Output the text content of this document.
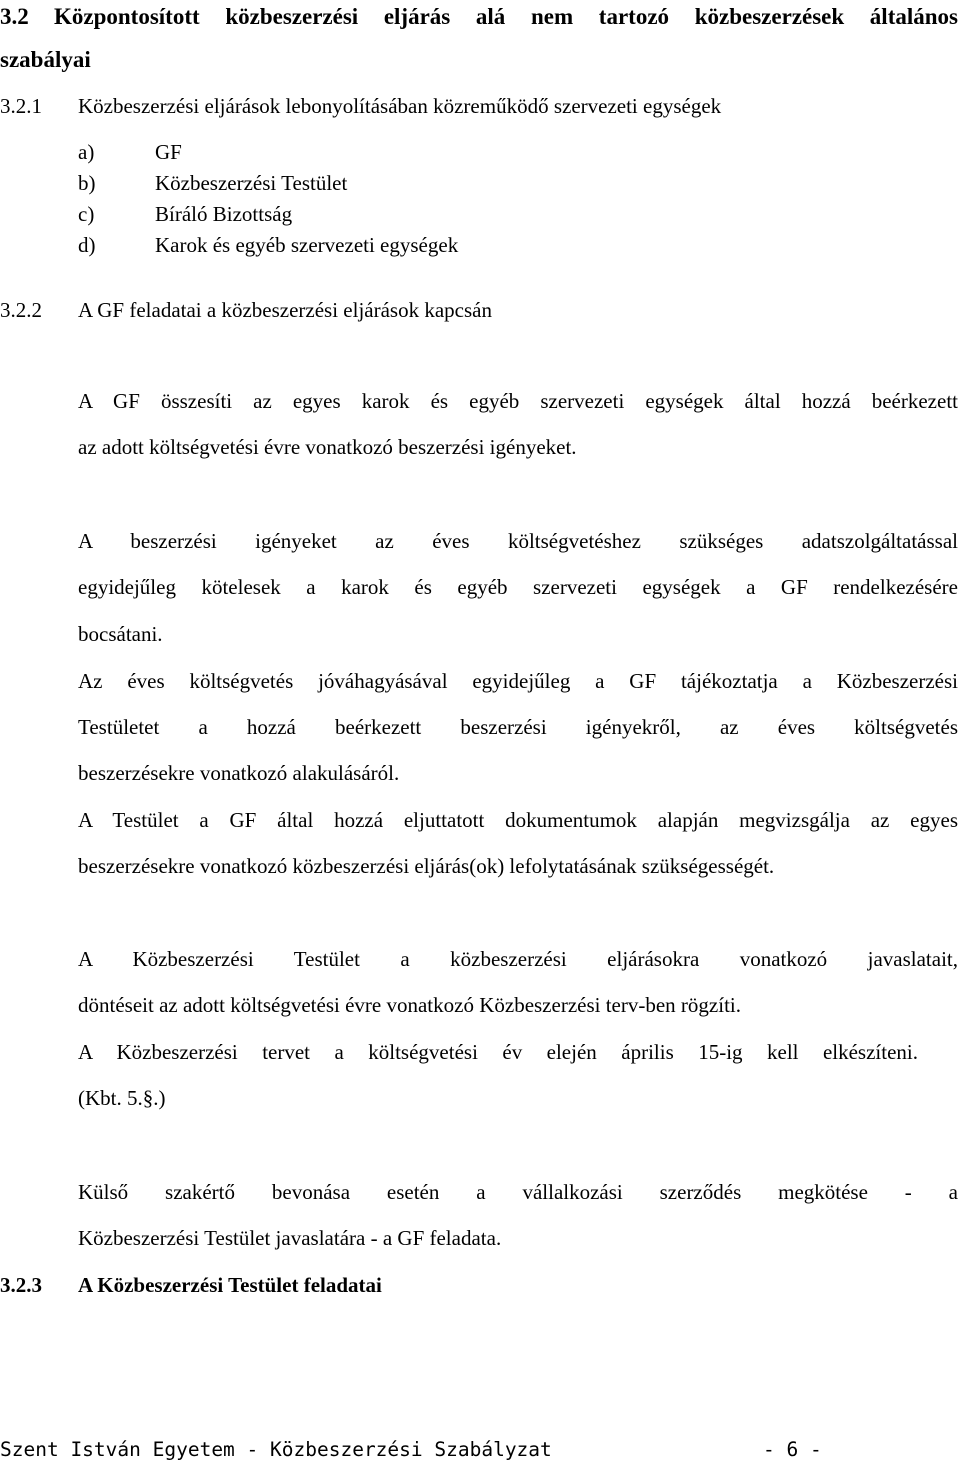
3.2 Központosított közbeszerzési eljárás alá nem tartozó közbeszerzések általános
szabályai
3.2.1 Közbeszerzési eljárások lebonyolításában közreműködő szervezeti egységek
a)	GF
b)	Közbeszerzési Testület
c)	Bíráló Bizottság
d)	Karok és egyéb szervezeti egységek
3.2.2 A GF feladatai a közbeszerzési eljárások kapcsán
A GF összesíti az egyes karok és egyéb szervezeti egységek által hozzá beérkezett
az adott költségvetési évre vonatkozó beszerzési igényeket.
A beszerzési igényeket az éves költségvetéshez szükséges adatszolgáltatással
egyidejűleg kötelesek a karok és egyéb szervezeti egységek a GF rendelkezésére
bocsátani.
Az éves költségvetés jóváhagyásával egyidejűleg a GF tájékoztatja a Közbeszerzési
Testületet a hozzá beérkezett beszerzési igényekről, az éves költségvetés
beszerzésekre vonatkozó alakulásáról.
A Testület a GF által hozzá eljuttatott dokumentumok alapján megvizsgálja az egyes
beszerzésekre vonatkozó közbeszerzési eljárás(ok) lefolytatásának szükségességét.
A Közbeszerzési Testület a közbeszerzési eljárásokra vonatkozó javaslatait,
döntéseit az adott költségvetési évre vonatkozó Közbeszerzési terv-ben rögzíti.
A Közbeszerzési tervet a költségvetési év elején április 15-ig kell elkészíteni.
(Kbt. 5.§.)
Külső szakértő bevonása esetén a vállalkozási szerződés megkötése - a
Közbeszerzési Testület javaslatára - a GF feladata.
3.2.3 A Közbeszerzési Testület feladatai
Szent István Egyetem - Közbeszerzési Szabályzat	- 6 -
